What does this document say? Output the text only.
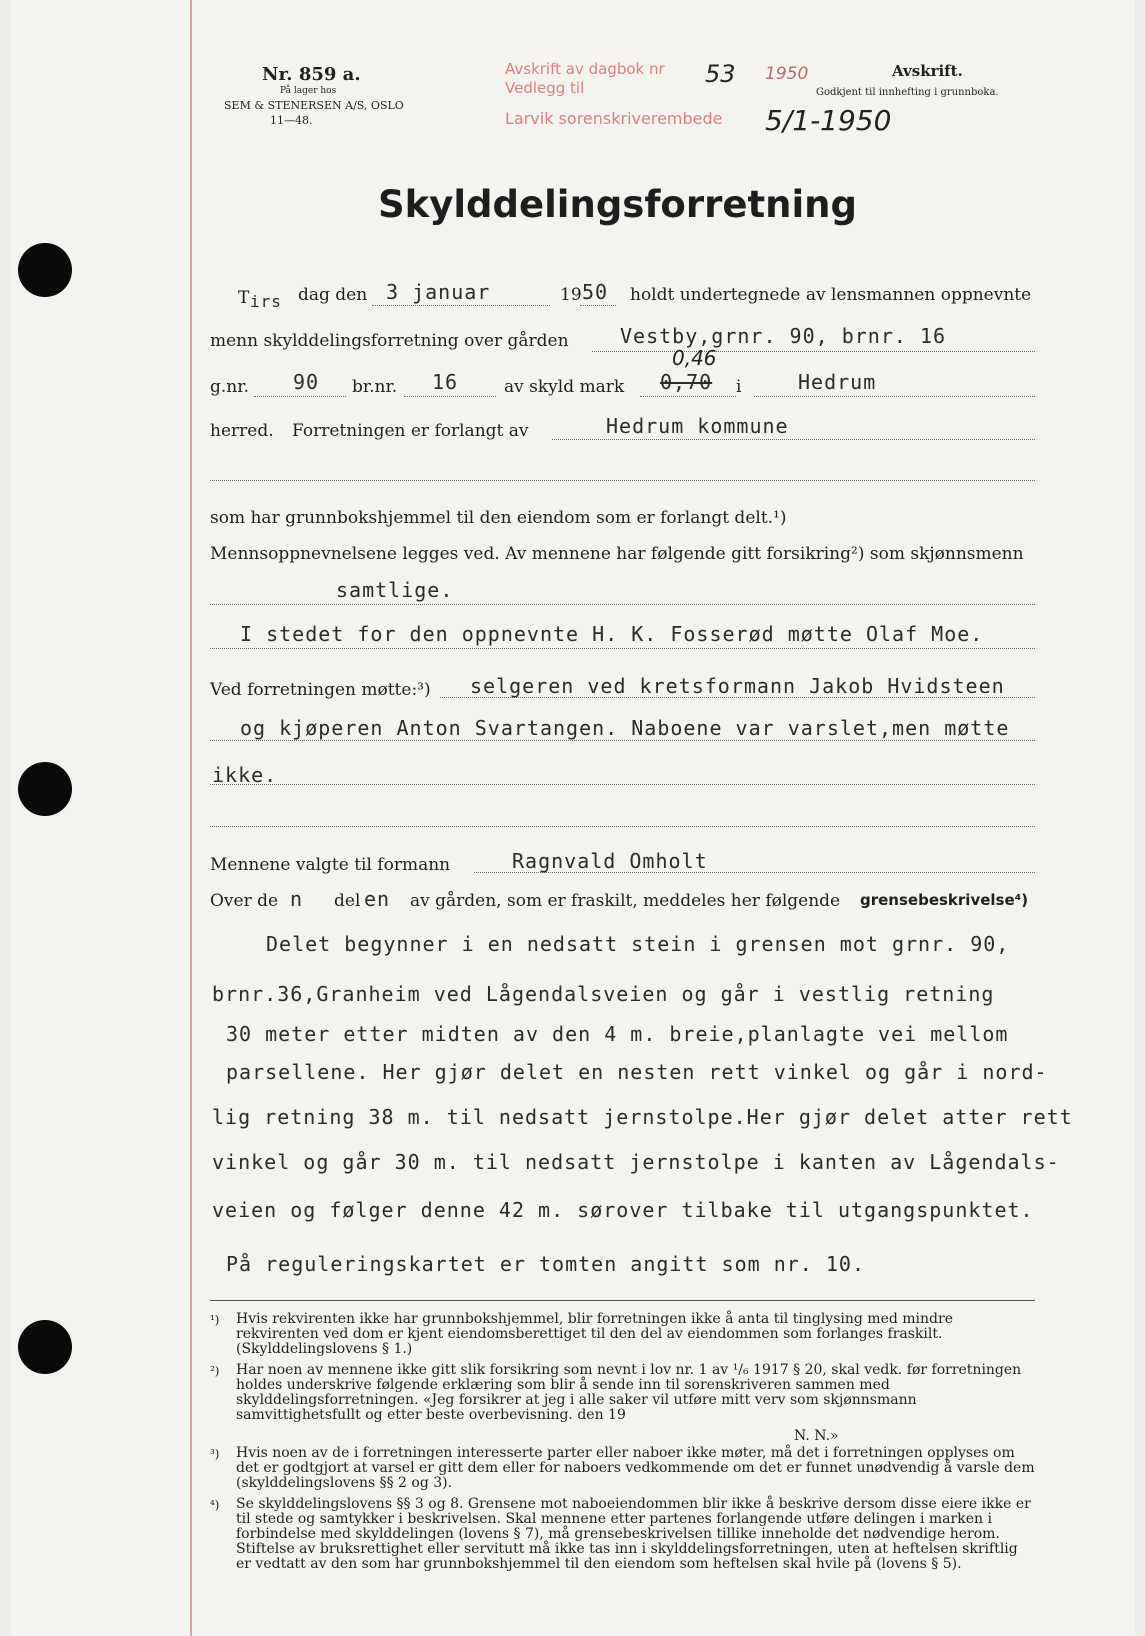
Nr. 859 a.
På lager hos
SEM & STENERSEN A/S, OSLO
11—48.
Avskrift av dagbok nr
Vedlegg til
Larvik sorenskriverembede
53 1950
5/1-1950
Avskrift.
Godkjent til innhefting i grunnboka.
Skylddelingsforretning
T irs dag den 3 januar	19 50 holdt undertegnede av lensmannen oppnevnte
menn skylddelingsforretning over gården	Vestby,grnr. 90, brnr. 16
g.nr. 90 br.nr. 16	av skyld mark 0,70
0,46
i	Hedrum
herred. Forretningen er forlangt av	Hedrum kommune
som har grunnbokshjemmel til den eiendom som er forlangt delt.¹)
Mennsoppnevnelsene legges ved. Av mennene har følgende gitt forsikring²) som skjønnsmenn
samtlige.
I stedet for den oppnevnte H. K. Fosserød møtte Olaf Moe.
Ved forretningen møtte:³) selgeren ved kretsformann Jakob Hvidsteen
og kjøperen Anton Svartangen. Naboene var varslet,men møtte
ikke.
Mennene valgte til formann	Ragnvald Omholt
Over de n del en av gården, som er fraskilt, meddeles her følgende grensebeskrivelse⁴)
Delet begynner i en nedsatt stein i grensen mot grnr. 90,
brnr.36,Granheim ved Lågendalsveien og går i vestlig retning
30 meter etter midten av den 4 m. breie,planlagte vei mellom
parsellene. Her gjør delet en nesten rett vinkel og går i nord-
lig retning 38 m. til nedsatt jernstolpe.Her gjør delet atter rett
vinkel og går 30 m. til nedsatt jernstolpe i kanten av Lågendals-
veien og følger denne 42 m. sørover tilbake til utgangspunktet.
På reguleringskartet er tomten angitt som nr. 10.
¹) Hvis rekvirenten ikke har grunnbokshjemmel, blir forretningen ikke å anta til tinglysing med mindre rekvirenten ved dom er kjent eiendomsberettiget til den del av eiendommen som forlanges fraskilt. (Skylddelingslovens § 1.)
²) Har noen av mennene ikke gitt slik forsikring som nevnt i lov nr. 1 av ¹/₆ 1917 § 20, skal vedk. før forretningen holdes underskrive følgende erklæring som blir å sende inn til sorenskriveren sammen med skylddelingsforretningen. «Jeg forsikrer at jeg i alle saker vil utføre mitt verv som skjønnsmann samvittighetsfullt og etter beste overbevisning. den 19
N. N.»
³) Hvis noen av de i forretningen interesserte parter eller naboer ikke møter, må det i forretningen opplyses om det er godtgjort at varsel er gitt dem eller for naboers vedkommende om det er funnet unødvendig å varsle dem (skylddelingslovens §§ 2 og 3).
⁴) Se skylddelingslovens §§ 3 og 8. Grensene mot naboeiendommen blir ikke å beskrive dersom disse eiere ikke er til stede og samtykker i beskrivelsen. Skal mennene etter partenes forlangende utføre delingen i marken i forbindelse med skylddelingen (lovens § 7), må grensebeskrivelsen tillike inneholde det nødvendige herom. Stiftelse av bruksrettighet eller servitutt må ikke tas inn i skylddelingsforretningen, uten at heftelsen skriftlig er vedtatt av den som har grunnbokshjemmel til den eiendom som heftelsen skal hvile på (lovens § 5).
